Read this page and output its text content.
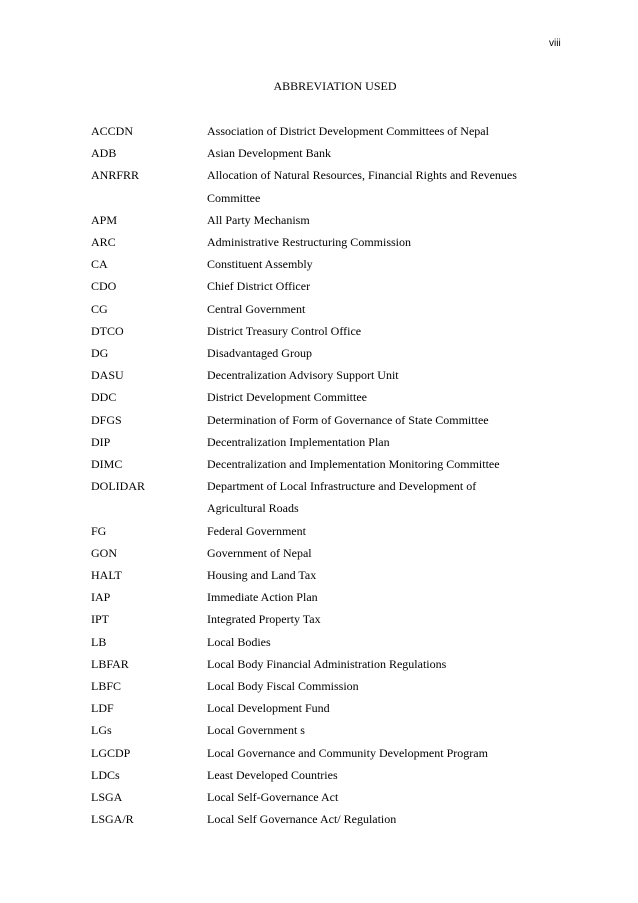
viii
ABBREVIATION USED
ACCDN	Association of District Development Committees of Nepal
ADB	Asian Development Bank
ANRFRR	Allocation of Natural Resources, Financial Rights and Revenues Committee
APM	All Party Mechanism
ARC	Administrative Restructuring Commission
CA	Constituent Assembly
CDO	Chief District Officer
CG	Central Government
DTCO	District Treasury Control Office
DG	Disadvantaged Group
DASU	Decentralization Advisory Support Unit
DDC	District Development Committee
DFGS	Determination of Form of Governance of State Committee
DIP	Decentralization Implementation Plan
DIMC	Decentralization and Implementation Monitoring Committee
DOLIDAR	Department of Local Infrastructure and Development of Agricultural Roads
FG	Federal Government
GON	Government of Nepal
HALT	Housing and Land Tax
IAP	Immediate Action Plan
IPT	Integrated Property Tax
LB	Local Bodies
LBFAR	Local Body Financial Administration Regulations
LBFC	Local Body Fiscal Commission
LDF	Local Development Fund
LGs	Local Government s
LGCDP	Local Governance and Community Development Program
LDCs	Least Developed Countries
LSGA	Local Self-Governance Act
LSGA/R	Local Self Governance Act/ Regulation
